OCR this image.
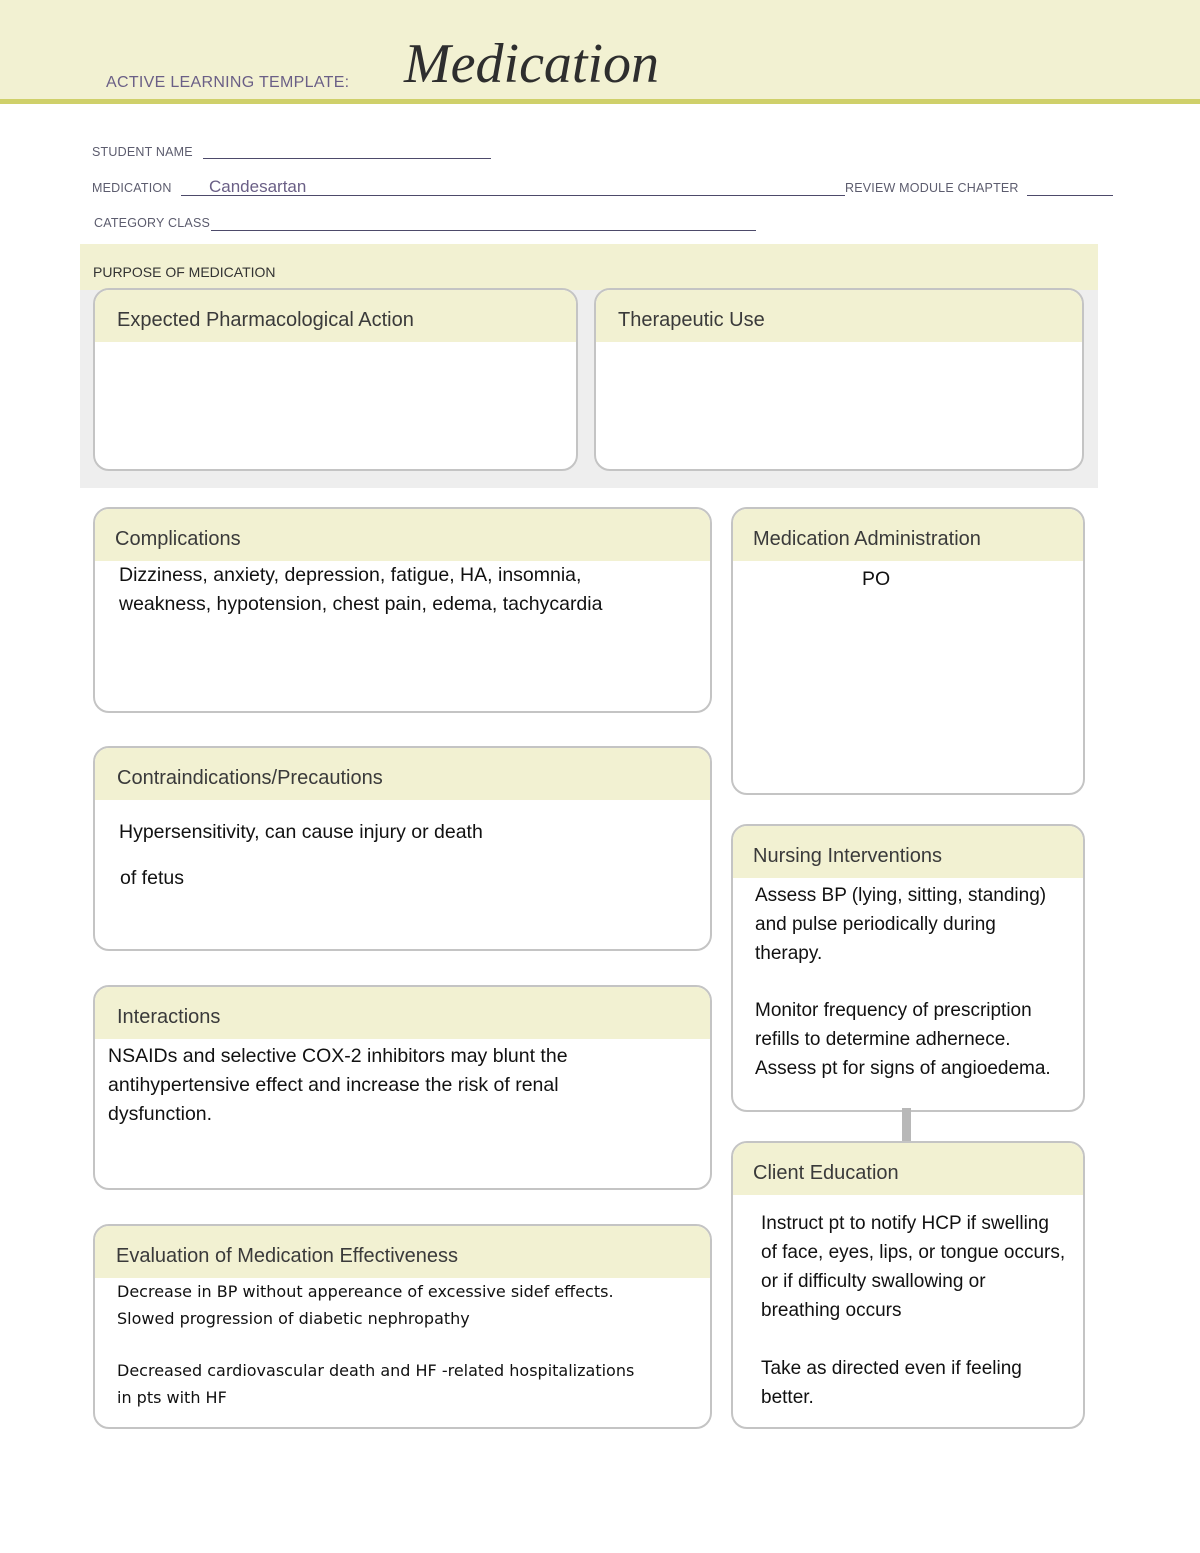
ACTIVE LEARNING TEMPLATE: Medication
STUDENT NAME
MEDICATION Candesartan	REVIEW MODULE CHAPTER
CATEGORY CLASS
PURPOSE OF MEDICATION
Expected Pharmacological Action	Therapeutic Use
Complications

Dizziness, anxiety, depression, fatigue, HA, insomnia,

weakness, hypotension, chest pain, edema, tachycardia

Medication Administration
PO
Contraindications/Precautions
Hypersensitivity, can cause injury or death
of fetus
Nursing Interventions

Assess BP (lying, sitting, standing)

and pulse periodically during

therapy.

Monitor frequency of prescription

refills to determine adhernece.

Assess pt for signs of angioedema.

Interactions

NSAIDs and selective COX-2 inhibitors may blunt the

antihypertensive effect and increase the risk of renal

dysfunction.

Client Education

Instruct pt to notify HCP if swelling

of face, eyes, lips, or tongue occurs,

or if difficulty swallowing or

breathing occurs

Take as directed even if feeling

better.

Evaluation of Medication Effectiveness

Decrease in BP without appereance of excessive sidef effects.

Slowed progression of diabetic nephropathy

Decreased cardiovascular death and HF -related hospitalizations

in pts with HF
